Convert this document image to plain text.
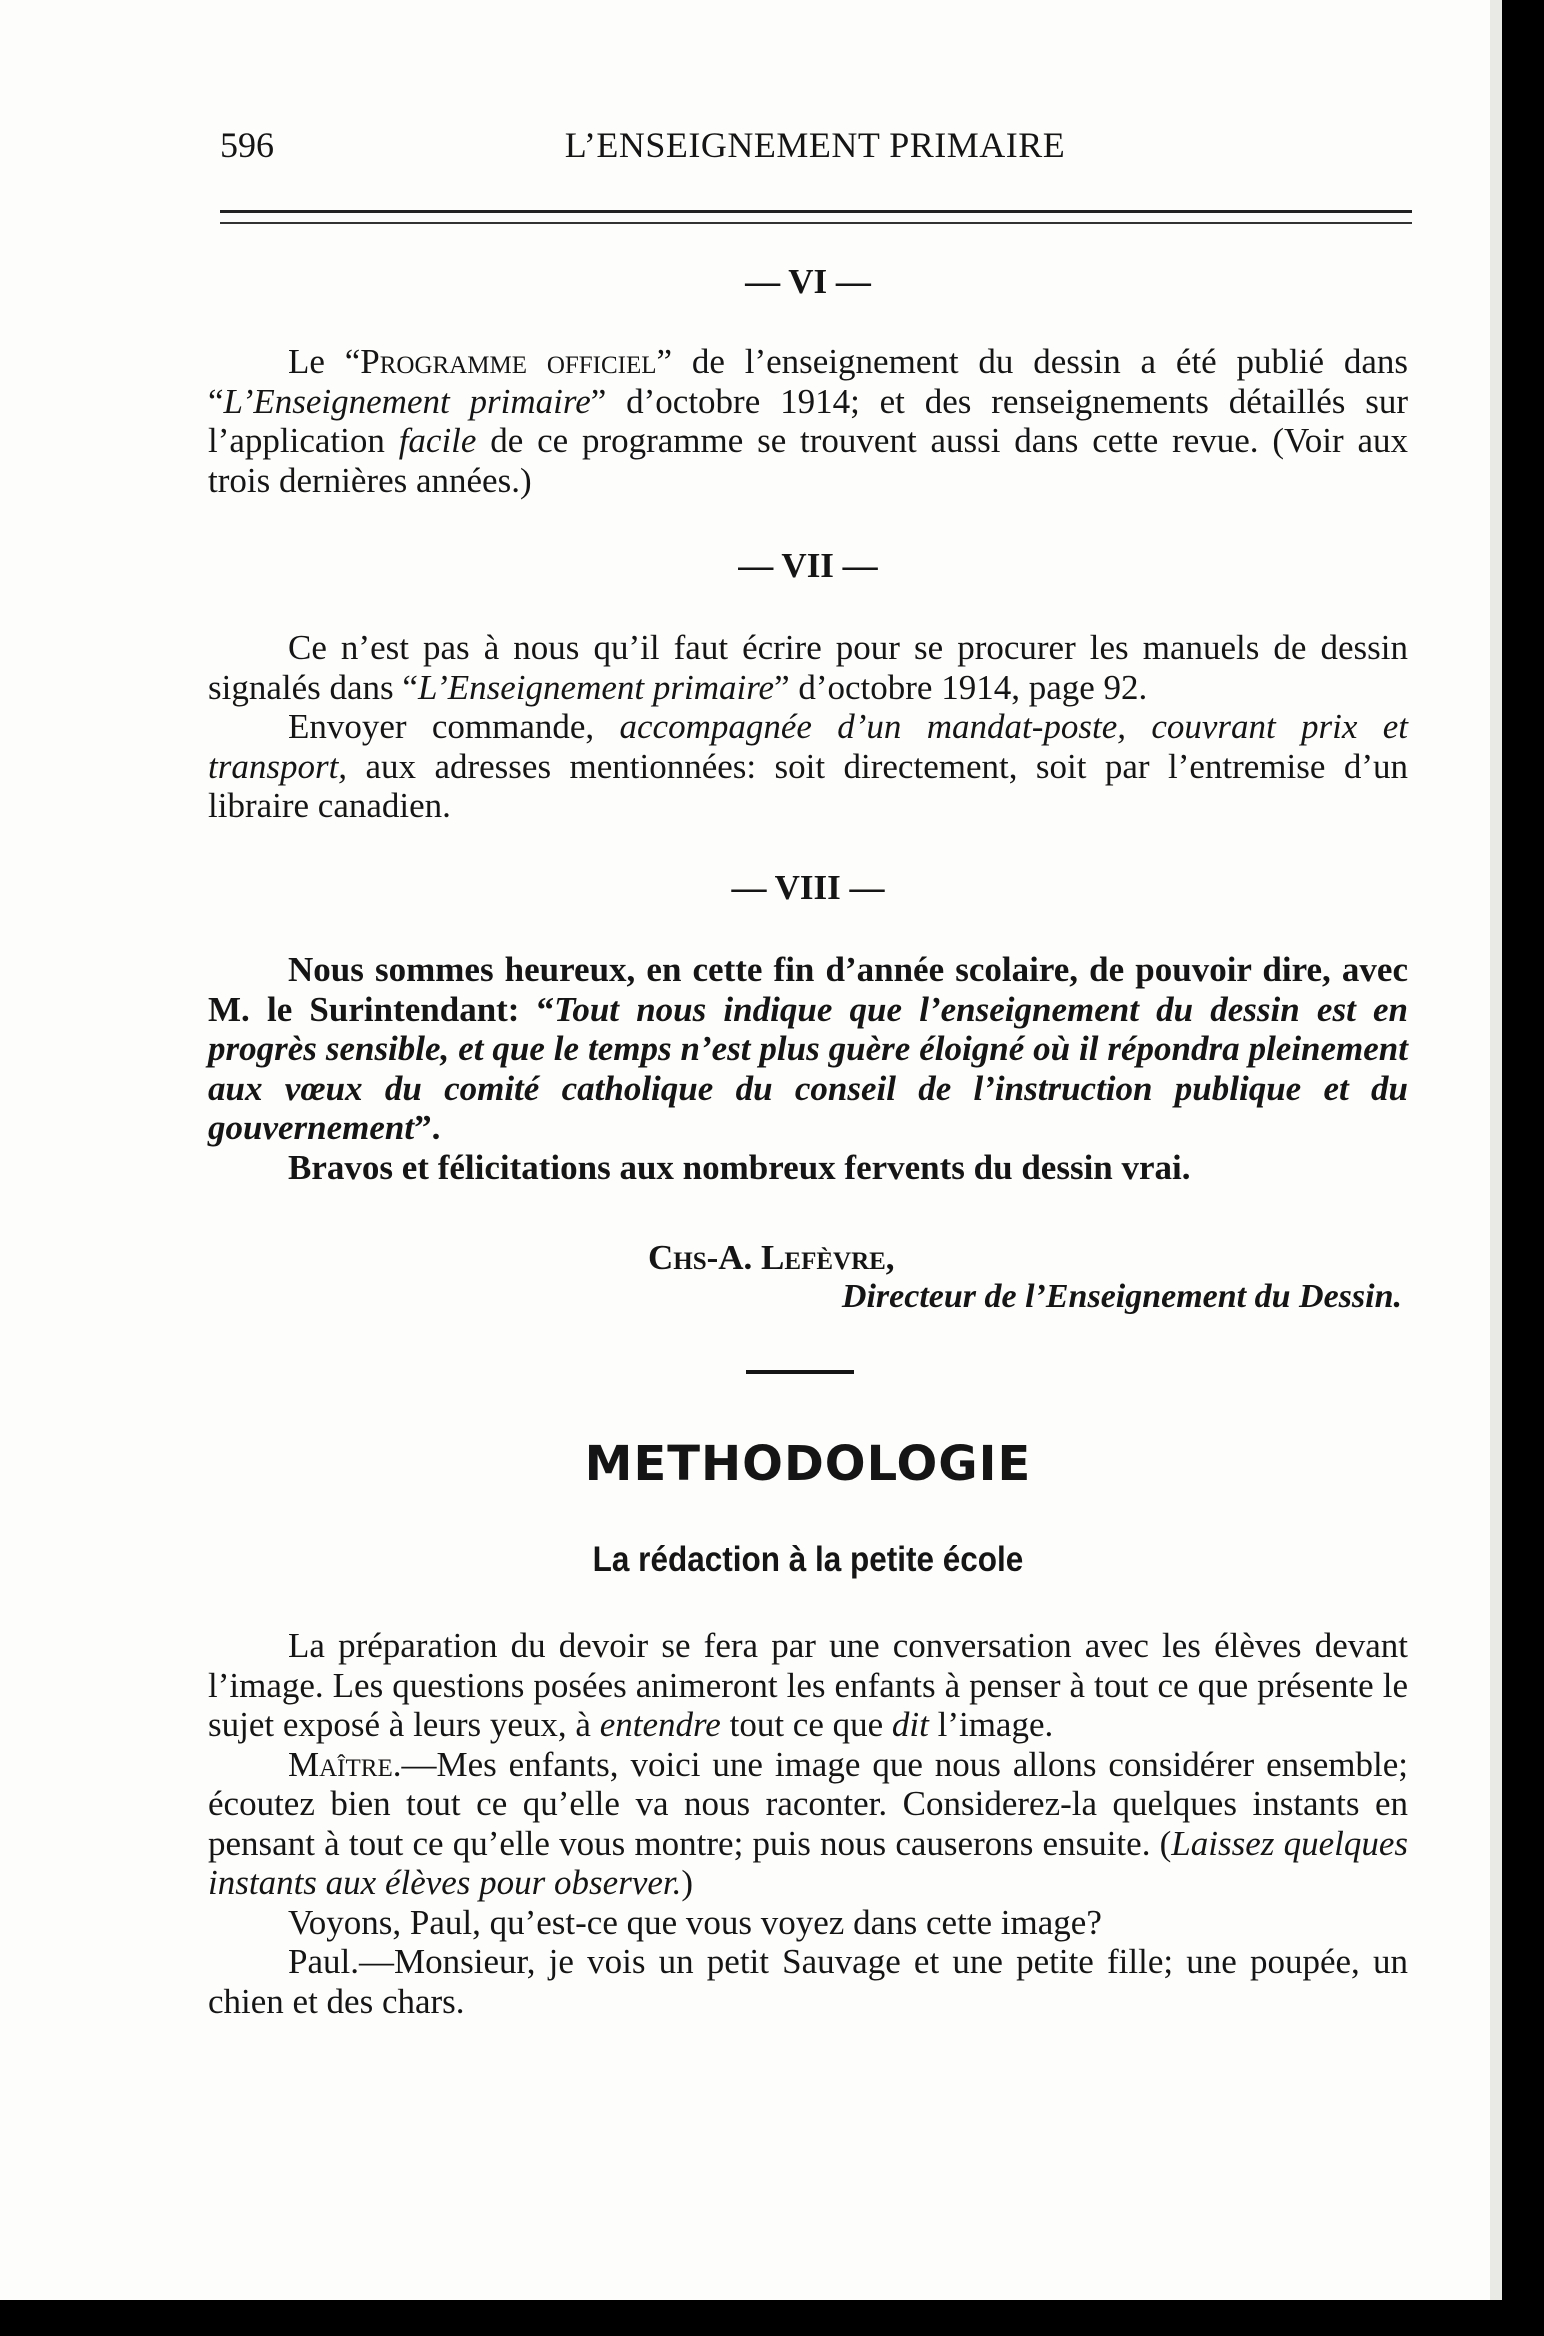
596	L’ENSEIGNEMENT PRIMAIRE
— VI —

Le “Programme officiel” de l’enseignement du dessin a été publié dans “L’Enseignement primaire” d’octobre 1914; et des renseignements détaillés sur l’application facile de ce programme se trouvent aussi dans cette revue. (Voir aux trois dernières années.)

— VII —

Ce n’est pas à nous qu’il faut écrire pour se procurer les manuels de dessin signalés dans “L’Enseignement primaire” d’octobre 1914, page 92.

Envoyer commande, accompagnée d’un mandat-poste, couvrant prix et transport, aux adresses mentionnées: soit directement, soit par l’entremise d’un libraire canadien.

— VIII —

Nous sommes heureux, en cette fin d’année scolaire, de pouvoir dire, avec M. le Surintendant: “Tout nous indique que l’enseignement du dessin est en progrès sensible, et que le temps n’est plus guère éloigné où il répondra pleinement aux vœux du comité catholique du conseil de l’instruction publique et du gouvernement”.

Bravos et félicitations aux nombreux fervents du dessin vrai.

Chs-A. Lefèvre,
Directeur de l’Enseignement du Dessin.
METHODOLOGIE
La rédaction à la petite école

La préparation du devoir se fera par une conversation avec les élèves devant l’image. Les questions posées animeront les enfants à penser à tout ce que présente le sujet exposé à leurs yeux, à entendre tout ce que dit l’image.

Maître.—Mes enfants, voici une image que nous allons considérer ensemble; écoutez bien tout ce qu’elle va nous raconter. Considerez-la quelques instants en pensant à tout ce qu’elle vous montre; puis nous causerons ensuite. (Laissez quelques instants aux élèves pour observer.)

Voyons, Paul, qu’est-ce que vous voyez dans cette image?

Paul.—Monsieur, je vois un petit Sauvage et une petite fille; une poupée, un chien et des chars.
